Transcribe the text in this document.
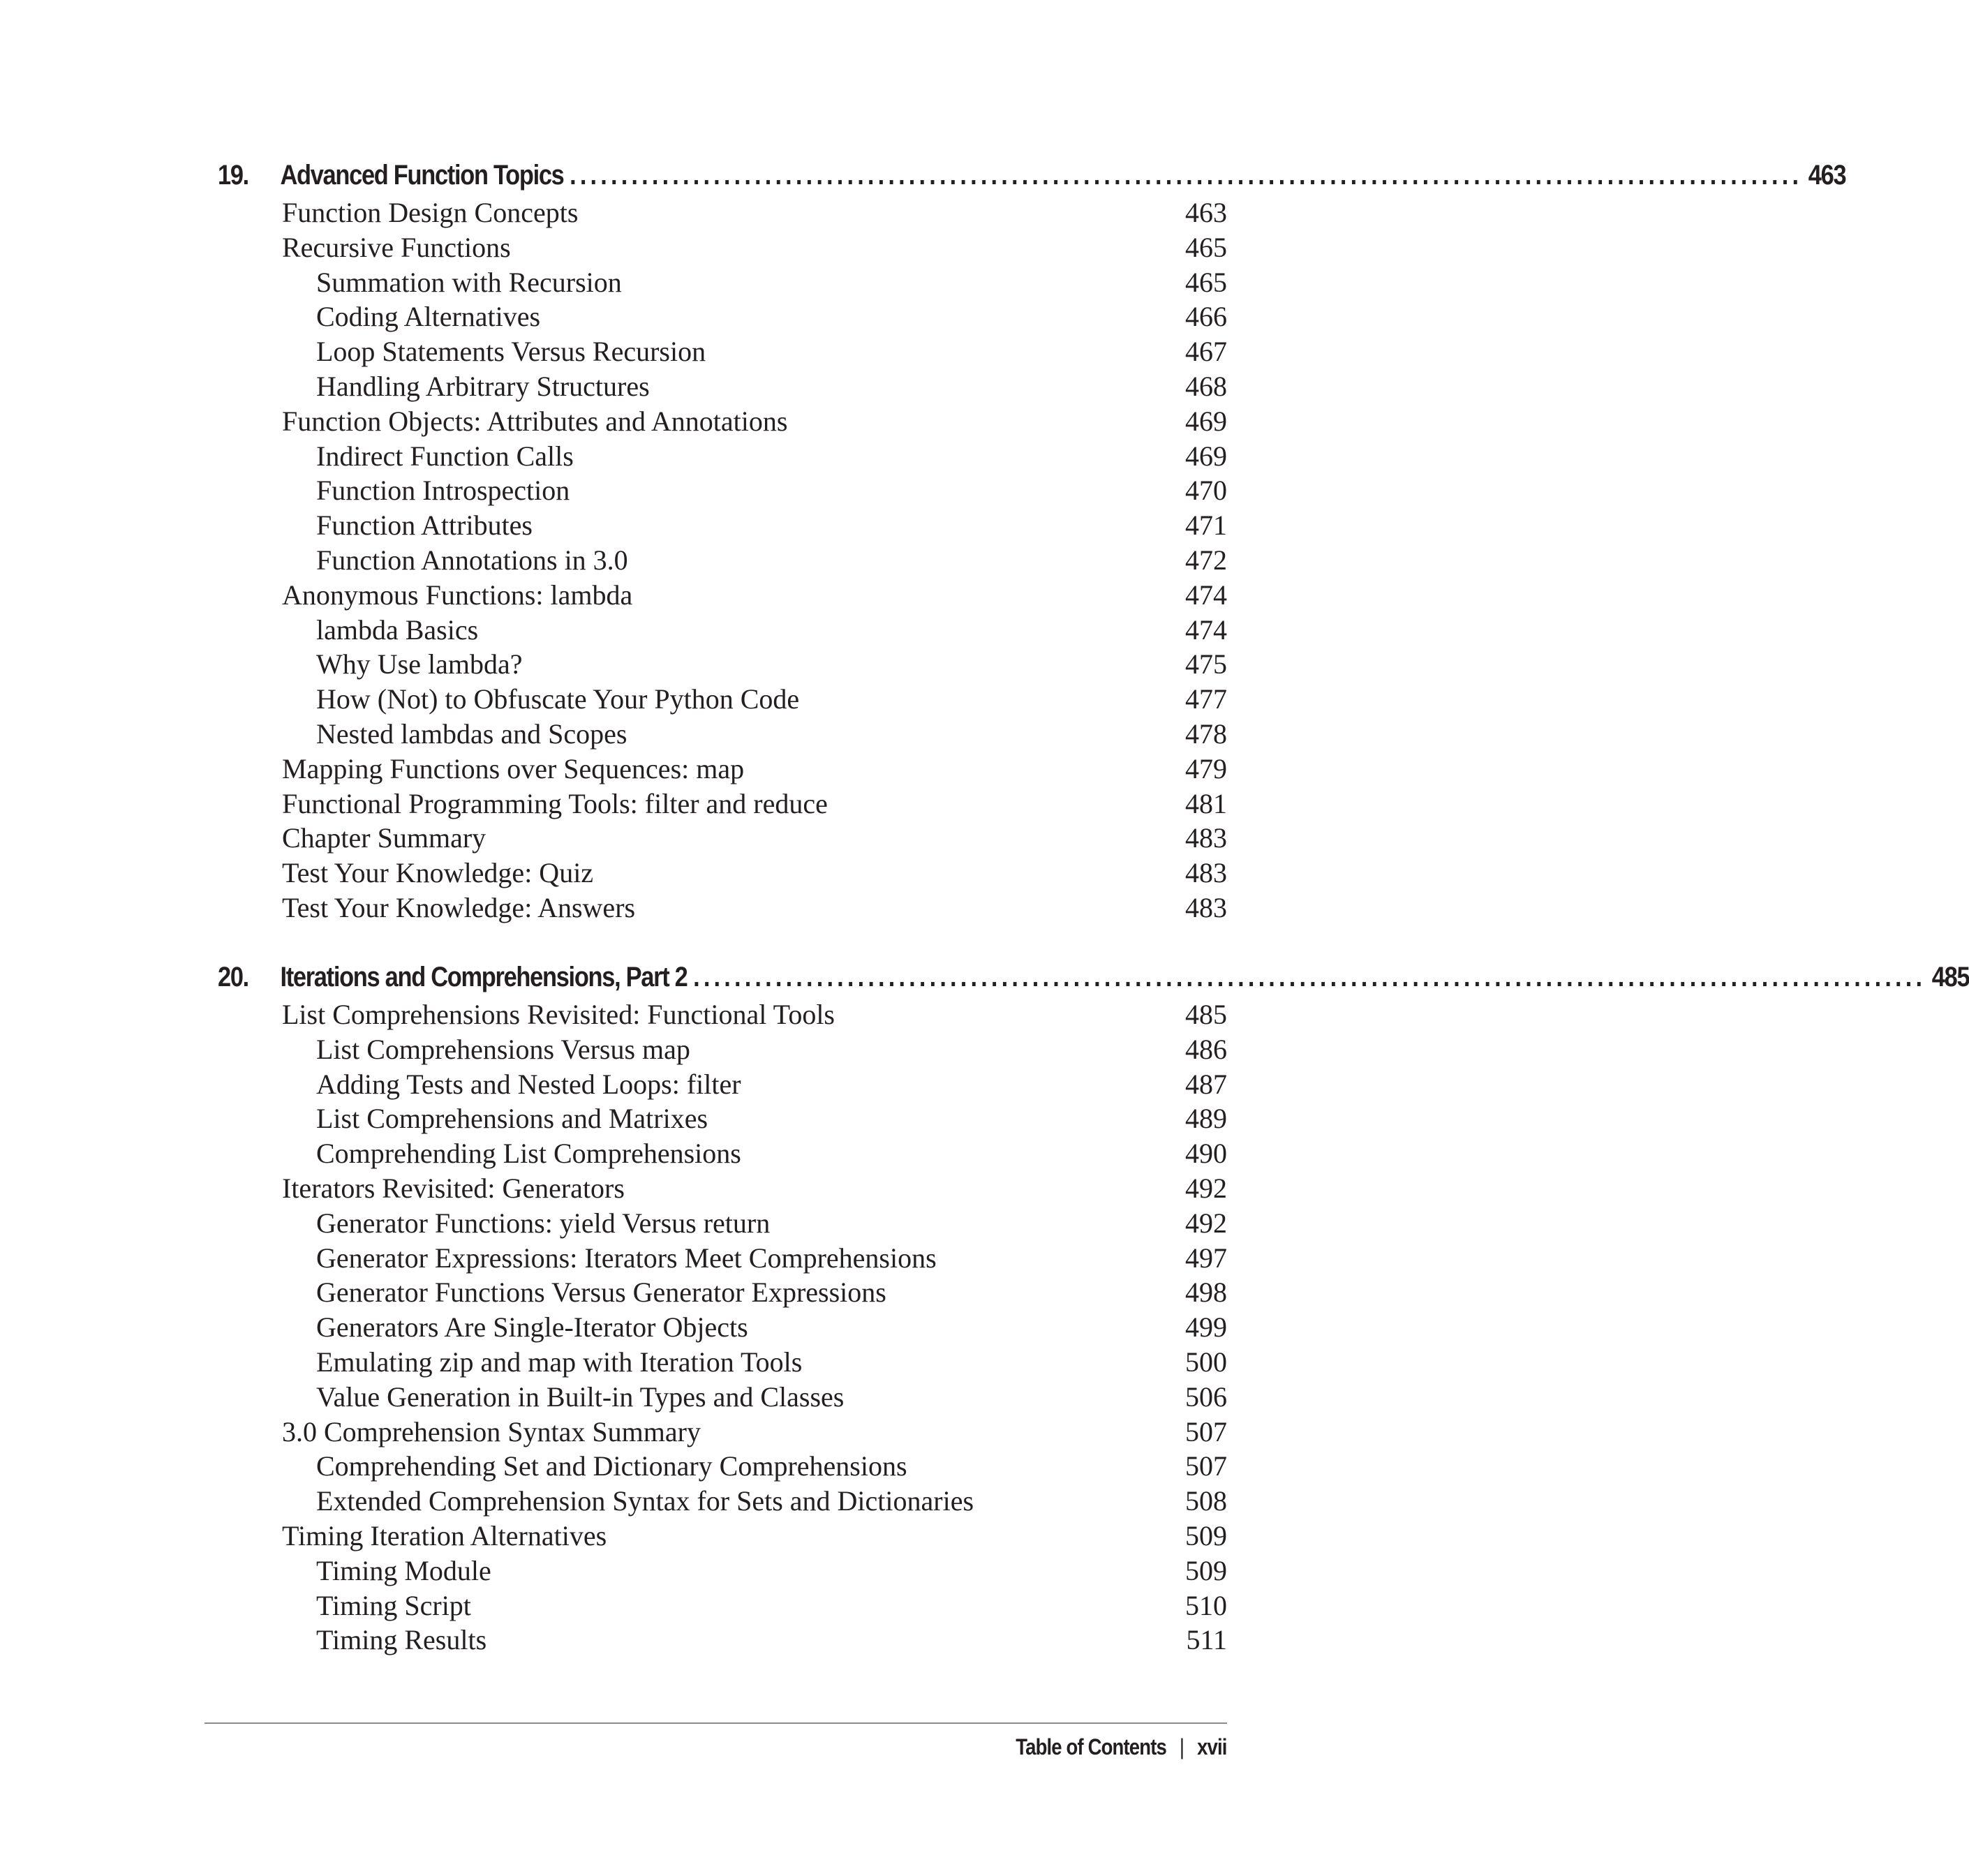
19.	Advanced Function Topics ........................................................................................................................ 463
Function Design Concepts	463
Recursive Functions	465
Summation with Recursion	465
Coding Alternatives	466
Loop Statements Versus Recursion	467
Handling Arbitrary Structures	468
Function Objects: Attributes and Annotations	469
Indirect Function Calls	469
Function Introspection	470
Function Attributes	471
Function Annotations in 3.0	472
Anonymous Functions: lambda	474
lambda Basics	474
Why Use lambda?	475
How (Not) to Obfuscate Your Python Code	477
Nested lambdas and Scopes	478
Mapping Functions over Sequences: map	479
Functional Programming Tools: filter and reduce	481
Chapter Summary	483
Test Your Knowledge: Quiz	483
Test Your Knowledge: Answers	483
20.	Iterations and Comprehensions, Part 2 ........................................................................................................................ 485
List Comprehensions Revisited: Functional Tools	485
List Comprehensions Versus map	486
Adding Tests and Nested Loops: filter	487
List Comprehensions and Matrixes	489
Comprehending List Comprehensions	490
Iterators Revisited: Generators	492
Generator Functions: yield Versus return	492
Generator Expressions: Iterators Meet Comprehensions	497
Generator Functions Versus Generator Expressions	498
Generators Are Single-Iterator Objects	499
Emulating zip and map with Iteration Tools	500
Value Generation in Built-in Types and Classes	506
3.0 Comprehension Syntax Summary	507
Comprehending Set and Dictionary Comprehensions	507
Extended Comprehension Syntax for Sets and Dictionaries	508
Timing Iteration Alternatives	509
Timing Module	509
Timing Script	510
Timing Results	511
Table of Contents | xvii
